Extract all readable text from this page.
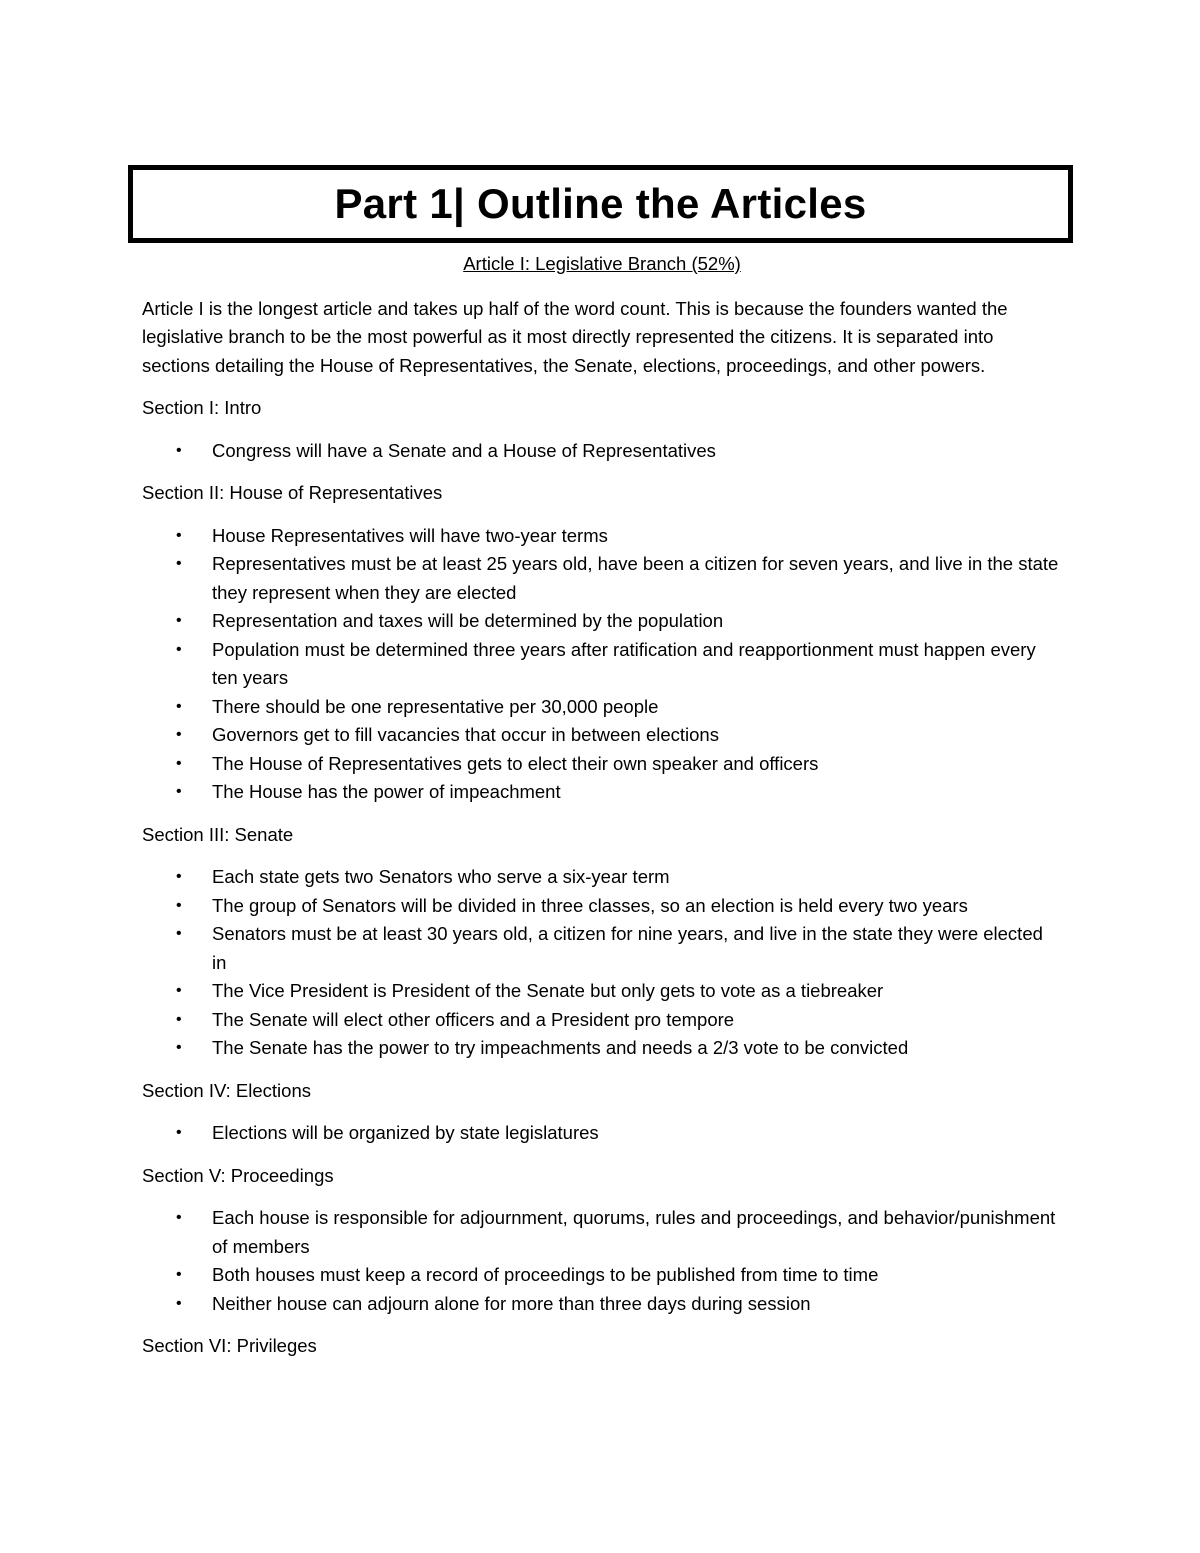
Part 1| Outline the Articles

Article I: Legislative Branch (52%)

Article I is the longest article and takes up half of the word count. This is because the founders wanted the legislative branch to be the most powerful as it most directly represented the citizens. It is separated into sections detailing the House of Representatives, the Senate, elections, proceedings, and other powers.

Section I: Intro

• Congress will have a Senate and a House of Representatives

Section II: House of Representatives

• House Representatives will have two-year terms
• Representatives must be at least 25 years old, have been a citizen for seven years, and live in the state they represent when they are elected
• Representation and taxes will be determined by the population
• Population must be determined three years after ratification and reapportionment must happen every ten years
• There should be one representative per 30,000 people
• Governors get to fill vacancies that occur in between elections
• The House of Representatives gets to elect their own speaker and officers
• The House has the power of impeachment

Section III: Senate

• Each state gets two Senators who serve a six-year term
• The group of Senators will be divided in three classes, so an election is held every two years
• Senators must be at least 30 years old, a citizen for nine years, and live in the state they were elected in
• The Vice President is President of the Senate but only gets to vote as a tiebreaker
• The Senate will elect other officers and a President pro tempore
• The Senate has the power to try impeachments and needs a 2/3 vote to be convicted

Section IV: Elections

• Elections will be organized by state legislatures

Section V: Proceedings

• Each house is responsible for adjournment, quorums, rules and proceedings, and behavior/punishment of members
• Both houses must keep a record of proceedings to be published from time to time
• Neither house can adjourn alone for more than three days during session

Section VI: Privileges
